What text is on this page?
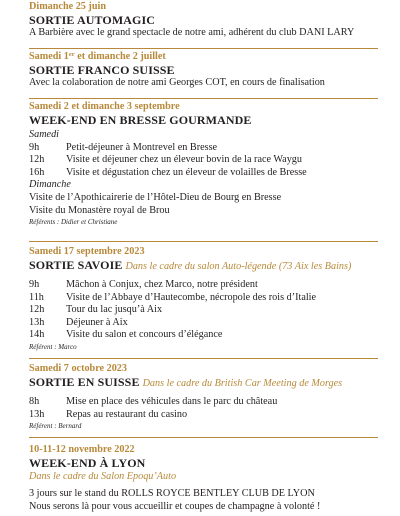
Dimanche 25 juin

SORTIE AUTOMAGIC

A Barbière avec le grand spectacle de notre ami, adhérent du club DANI LARY

Samedi 1er et dimanche 2 juillet

SORTIE FRANCO SUISSE

Avec la colaboration de notre ami Georges COT, en cours de finalisation

Samedi 2 et dimanche 3 septembre

WEEK-END EN BRESSE GOURMANDE

Samedi

9h	Petit-déjeuner à Montrevel en Bresse
12h	Visite et déjeuner chez un éleveur bovin de la race Waygu
16h	Visite et dégustation chez un éleveur de volailles de Bresse

Dimanche

Visite de l’Apothicairerie de l’Hôtel-Dieu de Bourg en Bresse

Visite du Monastère royal de Brou

Référents : Didier et Christiane

Samedi 17 septembre 2023

SORTIE SAVOIE Dans le cadre du salon Auto-légende (73 Aix les Bains)

9h	Mâchon à Conjux, chez Marco, notre président
11h	Visite de l’Abbaye d’Hautecombe, nécropole des rois d’Italie
12h	Tour du lac jusqu’à Aix
13h	Déjeuner à Aix
14h	Visite du salon et concours d’élégance

Référent : Marco

Samedi 7 octobre 2023

SORTIE EN SUISSE Dans le cadre du British Car Meeting de Morges

8h	Mise en place des véhicules dans le parc du château
13h	Repas au restaurant du casino

Référent : Bernard

10-11-12 novembre 2022

WEEK-END À LYON

Dans le cadre du Salon Epoqu’Auto

3 jours sur le stand du ROLLS ROYCE BENTLEY CLUB DE LYON

Nous serons là pour vous accueillir et coupes de champagne à volonté !
